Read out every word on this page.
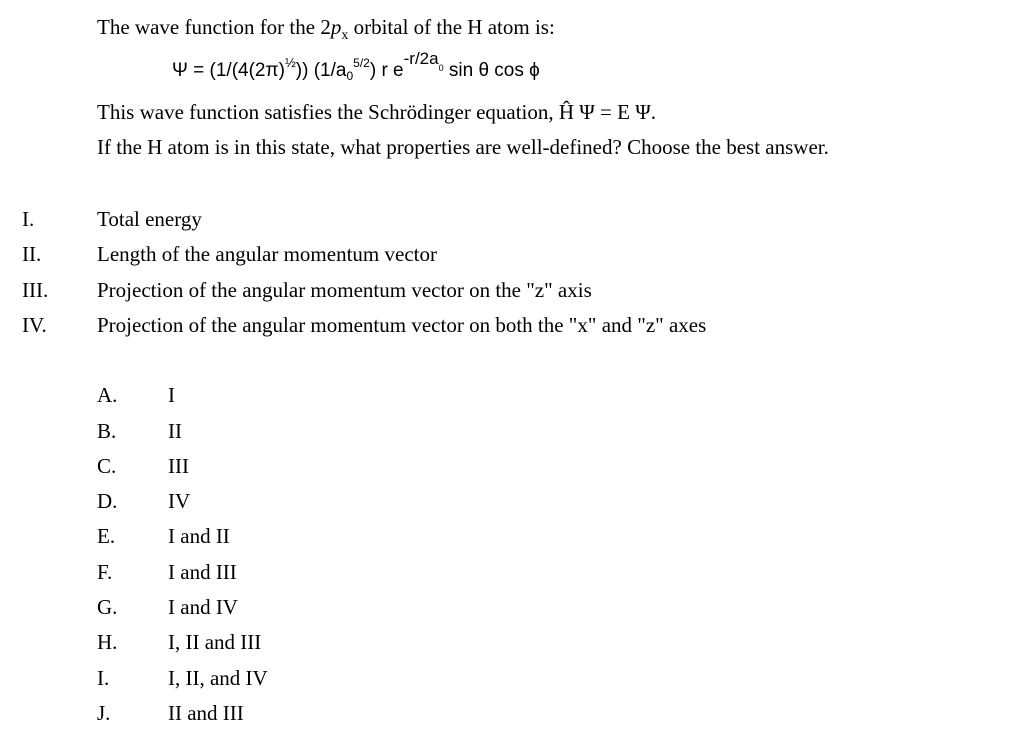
The wave function for the $2p_x$ orbital of the H atom is:
$\Psi = (1/(4(2\pi)^{\frac{1}{2}}))$ $(1/a_0^{5/2})$ r $e-r/2a^0$ sin θ cos ϕ
This wave function satisfies the Schrödinger equation, Ĥ Ψ = E Ψ.
If the H atom is in this state, what properties are well-defined? Choose the best answer.
I.	Total energy
II.	Length of the angular momentum vector
III. Projection of the angular momentum vector on the "z" axis
IV. Projection of the angular momentum vector on both the "x" and "z" axes
A. I
B. II
C. III
D. IV
E.	I and II
F.	I and III
G. I and IV
H. I, II and III
I.	I, II, and IV
J.	II and III
